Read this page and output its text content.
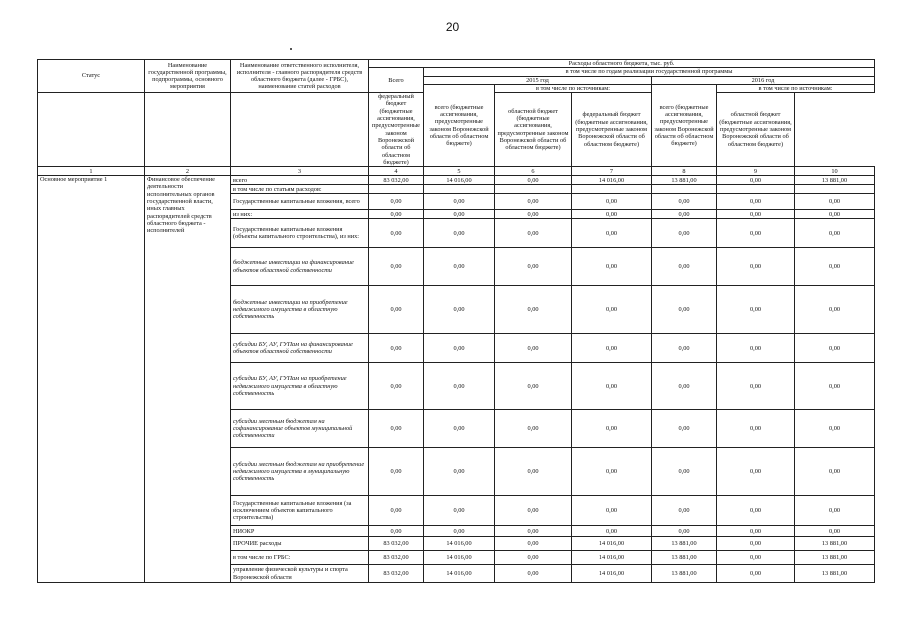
20
Статус	Наименование государственной программы, подпрограммы, основного мероприятия	Наименование ответственного исполнителя, исполнителя - главного распорядителя средств областного бюджета (далее - ГРБС), наименование статей расходов	Расходы областного бюджета, тыс. руб.						
			Всего	в том числе по годам реализации государственной программы					
				2015 год			2016 год		
				всего (бюджетные ассигнования, предусмотренные законом Воронежской области об областном бюджете)	в том числе по источникам:		всего (бюджетные ассигнования, предусмотренные законом Воронежской области об областном бюджете)	в том числе по источникам:	
			федеральный бюджет (бюджетные ассигнования, предусмотренные законом Воронежской области об областном бюджете)		областной бюджет (бюджетные ассигнования, предусмотренные законом Воронежской области об областном бюджете)	федеральный бюджет (бюджетные ассигнования, предусмотренные законом Воронежской области об областном бюджете)		областной бюджет (бюджетные ассигнования, предусмотренные законом Воронежской области об областном бюджете)	
1	2	3	4	5	6	7	8	9	10
Основное мероприятие 1	Финансовое обеспечение деятельности исполнительных органов государственной власти, иных главных распорядителей средств областного бюджета - исполнителей	всего	83 032,00	14 016,00	0,00	14 016,00	13 881,00	0,00	13 881,00
		в том числе по статьям расходов:							
		Государственные капитальные вложения, всего	0,00	0,00	0,00	0,00	0,00	0,00	0,00
		из них:	0,00	0,00	0,00	0,00	0,00	0,00	0,00
		Государственные капитальные вложения (объекты капитального строительства), из них:	0,00	0,00	0,00	0,00	0,00	0,00	0,00
		бюджетные инвестиции на финансирование объектов областной собственности	0,00	0,00	0,00	0,00	0,00	0,00	0,00
		бюджетные инвестиции на приобретение недвижимого имущества в областную собственность	0,00	0,00	0,00	0,00	0,00	0,00	0,00
		субсидии БУ, АУ, ГУПам на финансирование объектов областной собственности	0,00	0,00	0,00	0,00	0,00	0,00	0,00
		субсидии БУ, АУ, ГУПам на приобретение недвижимого имущества в областную собственность	0,00	0,00	0,00	0,00	0,00	0,00	0,00
		субсидии местным бюджетам на софинансирование объектов муниципальной собственности	0,00	0,00	0,00	0,00	0,00	0,00	0,00
		субсидии местным бюджетам на приобретение недвижимого имущества в муниципальную собственность	0,00	0,00	0,00	0,00	0,00	0,00	0,00
		Государственные капитальные вложения (за исключением объектов капитального строительства)	0,00	0,00	0,00	0,00	0,00	0,00	0,00
		НИОКР	0,00	0,00	0,00	0,00	0,00	0,00	0,00
		ПРОЧИЕ расходы	83 032,00	14 016,00	0,00	14 016,00	13 881,00	0,00	13 881,00
		в том числе по ГРБС:	83 032,00	14 016,00	0,00	14 016,00	13 881,00	0,00	13 881,00
		управление физической культуры и спорта Воронежской области	83 032,00	14 016,00	0,00	14 016,00	13 881,00	0,00	13 881,00
